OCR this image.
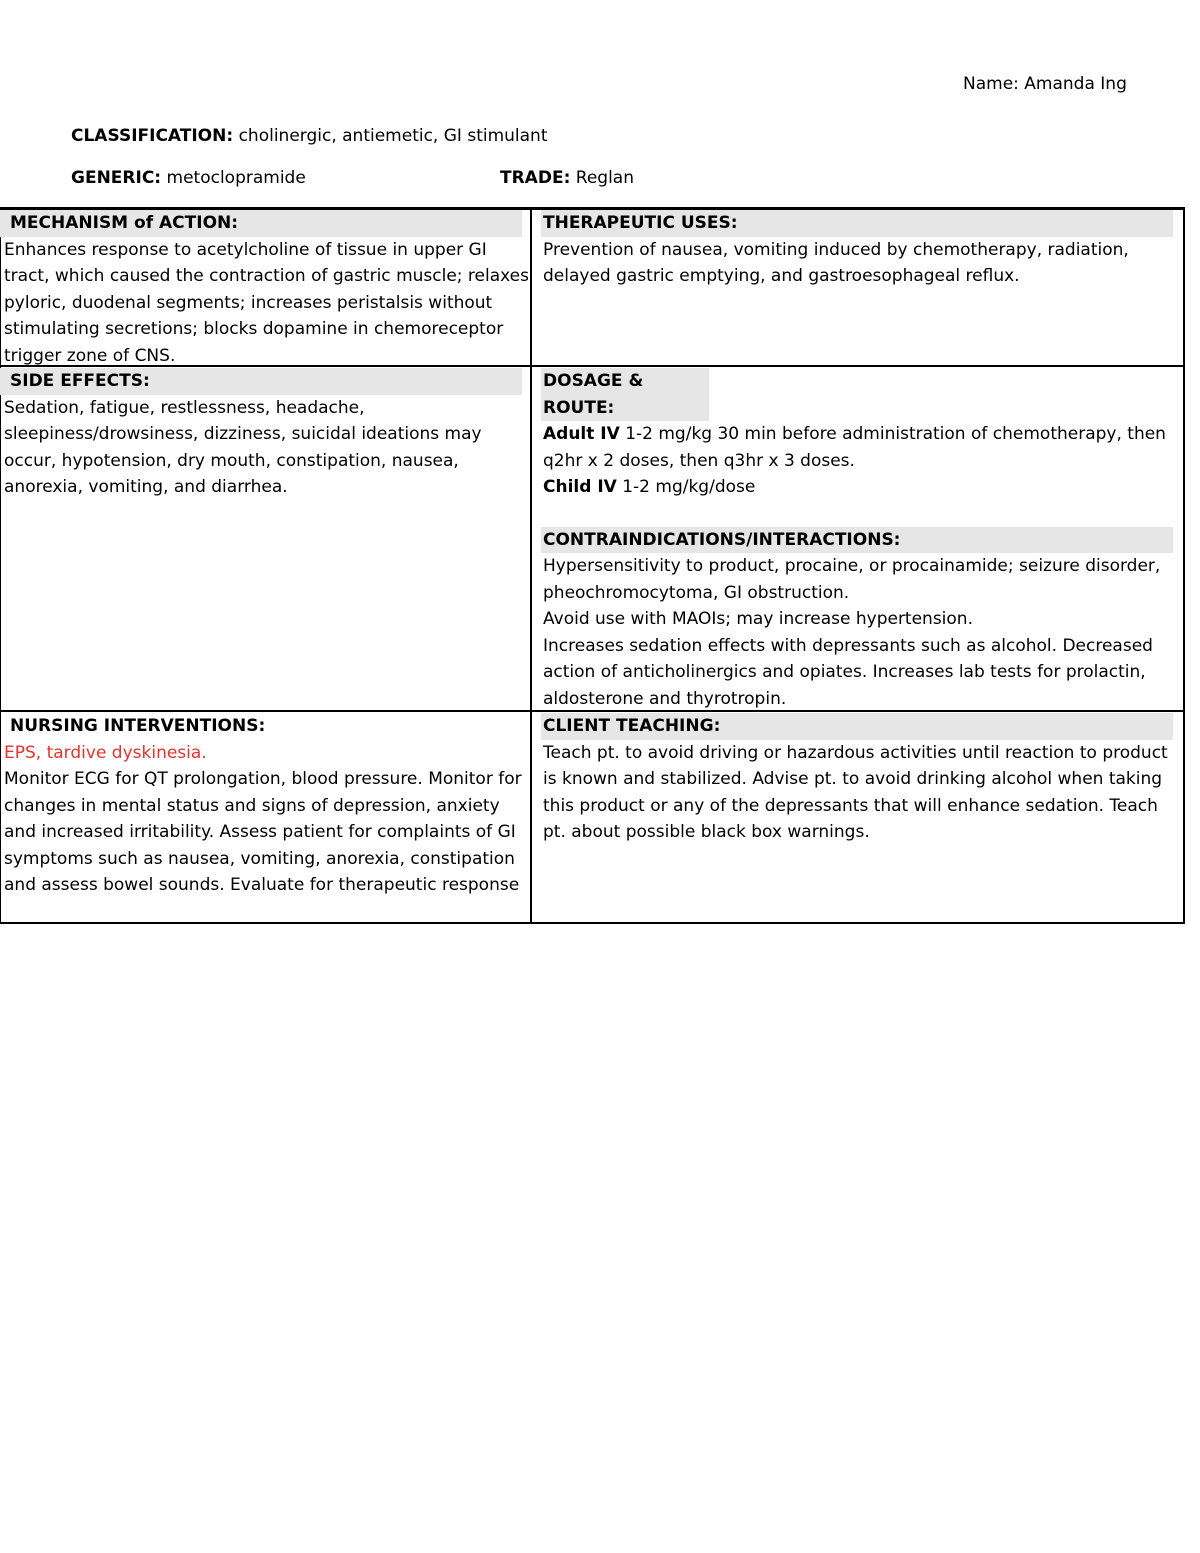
Name: Amanda Ing
CLASSIFICATION: cholinergic, antiemetic, GI stimulant
GENERIC: metoclopramide	TRADE: Reglan
MECHANISM of ACTION:
Enhances response to acetylcholine of tissue in upper GI tract, which caused the contraction of gastric muscle; relaxes pyloric, duodenal segments; increases peristalsis without stimulating secretions; blocks dopamine in chemoreceptor trigger zone of CNS.
THERAPEUTIC USES:
Prevention of nausea, vomiting induced by chemotherapy, radiation, delayed gastric emptying, and gastroesophageal reflux.
SIDE EFFECTS:
Sedation, fatigue, restlessness, headache, sleepiness/drowsiness, dizziness, suicidal ideations may occur, hypotension, dry mouth, constipation, nausea, anorexia, vomiting, and diarrhea.
DOSAGE & ROUTE:
Adult IV 1-2 mg/kg 30 min before administration of chemotherapy, then q2hr x 2 doses, then q3hr x 3 doses.
Child IV 1-2 mg/kg/dose
CONTRAINDICATIONS/INTERACTIONS:
Hypersensitivity to product, procaine, or procainamide; seizure disorder, pheochromocytoma, GI obstruction.
Avoid use with MAOIs; may increase hypertension.
Increases sedation effects with depressants such as alcohol. Decreased action of anticholinergics and opiates. Increases lab tests for prolactin, aldosterone and thyrotropin.
NURSING INTERVENTIONS:
EPS, tardive dyskinesia.
Monitor ECG for QT prolongation, blood pressure. Monitor for changes in mental status and signs of depression, anxiety and increased irritability. Assess patient for complaints of GI symptoms such as nausea, vomiting, anorexia, constipation and assess bowel sounds. Evaluate for therapeutic response
CLIENT TEACHING:
Teach pt. to avoid driving or hazardous activities until reaction to product is known and stabilized. Advise pt. to avoid drinking alcohol when taking this product or any of the depressants that will enhance sedation. Teach pt. about possible black box warnings.
